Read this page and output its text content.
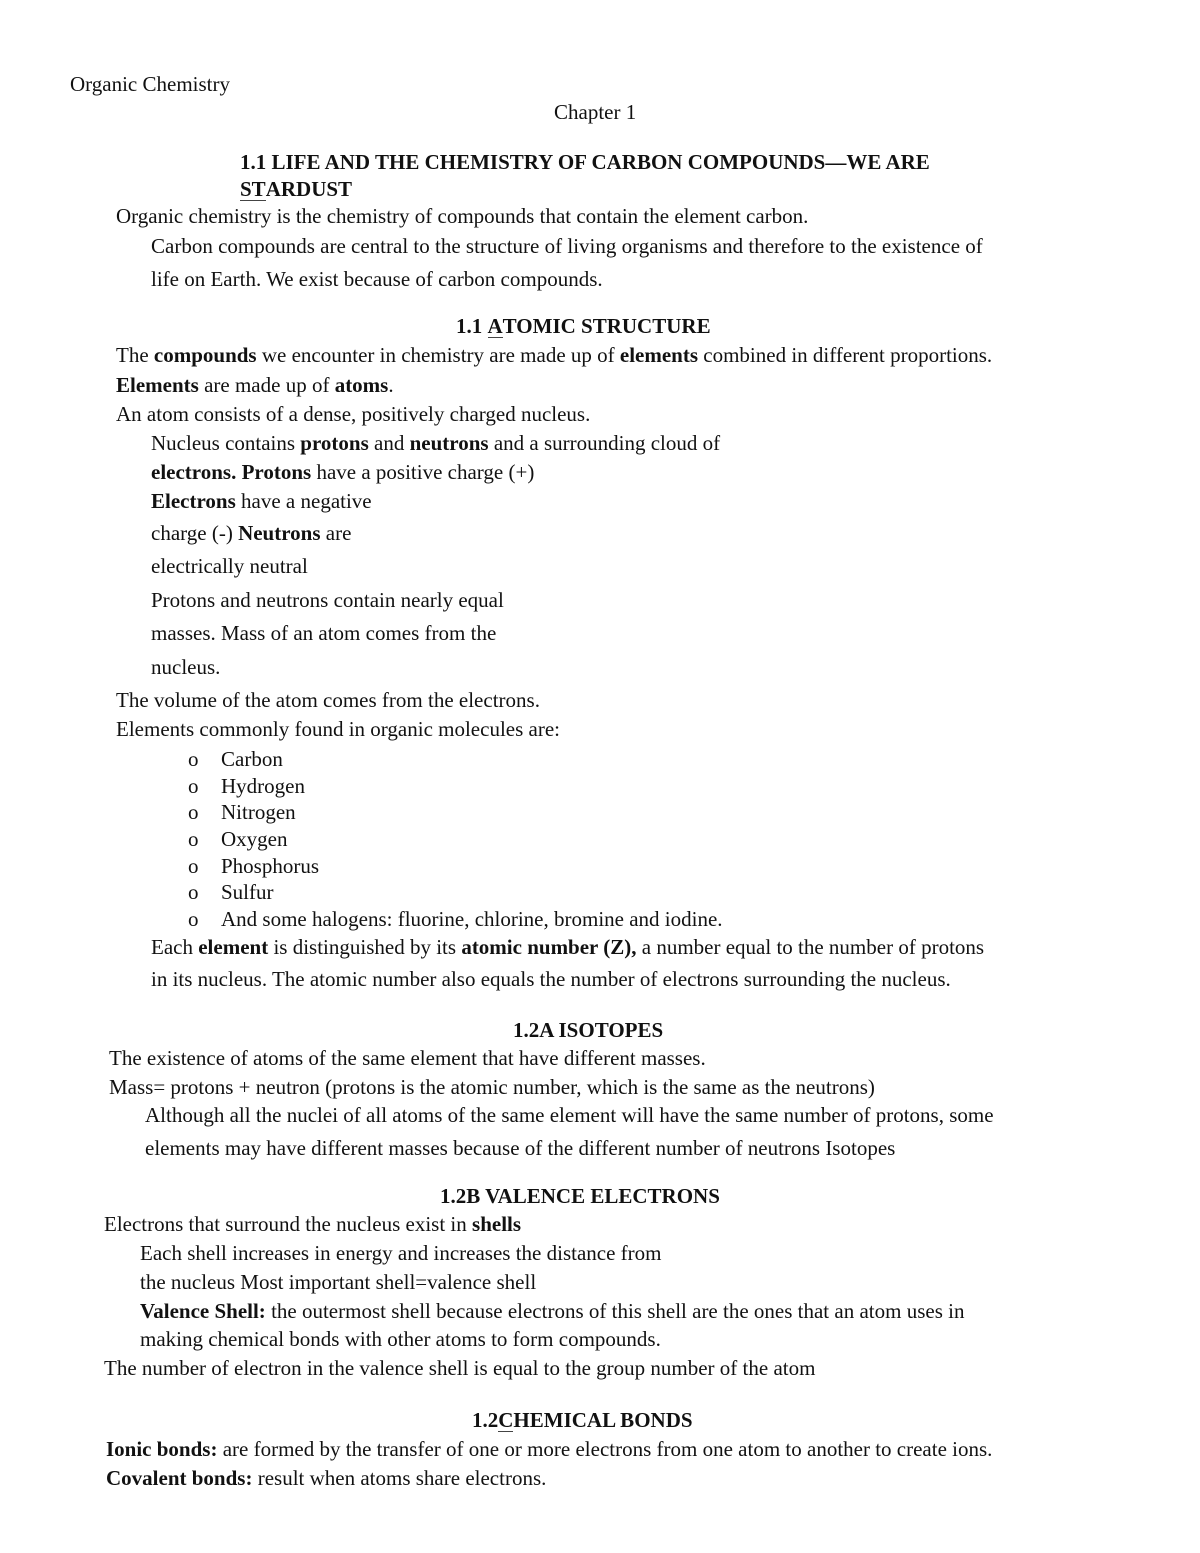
Organic Chemistry
Chapter 1
1.1 LIFE AND THE CHEMISTRY OF CARBON COMPOUNDS—WE ARE
STARDUST
Organic chemistry is the chemistry of compounds that contain the element carbon.
Carbon compounds are central to the structure of living organisms and therefore to the existence of
life on Earth. We exist because of carbon compounds.
1.1 ATOMIC STRUCTURE
The compounds we encounter in chemistry are made up of elements combined in different proportions.
Elements are made up of atoms.
An atom consists of a dense, positively charged nucleus.
Nucleus contains protons and neutrons and a surrounding cloud of
electrons. Protons have a positive charge (+)
Electrons have a negative
charge (-) Neutrons are
electrically neutral
Protons and neutrons contain nearly equal
masses. Mass of an atom comes from the
nucleus.
The volume of the atom comes from the electrons.
Elements commonly found in organic molecules are:
o Carbon
o Hydrogen
o Nitrogen
o Oxygen
o Phosphorus
o Sulfur
o And some halogens: fluorine, chlorine, bromine and iodine.
Each element is distinguished by its atomic number (Z), a number equal to the number of protons
in its nucleus. The atomic number also equals the number of electrons surrounding the nucleus.
1.2A ISOTOPES
The existence of atoms of the same element that have different masses.
Mass= protons + neutron (protons is the atomic number, which is the same as the neutrons)
Although all the nuclei of all atoms of the same element will have the same number of protons, some
elements may have different masses because of the different number of neutrons Isotopes
1.2B VALENCE ELECTRONS
Electrons that surround the nucleus exist in shells
Each shell increases in energy and increases the distance from
the nucleus Most important shell=valence shell
Valence Shell: the outermost shell because electrons of this shell are the ones that an atom uses in
making chemical bonds with other atoms to form compounds.
The number of electron in the valence shell is equal to the group number of the atom
1.2CHEMICAL BONDS
Ionic bonds: are formed by the transfer of one or more electrons from one atom to another to create ions.
Covalent bonds: result when atoms share electrons.
